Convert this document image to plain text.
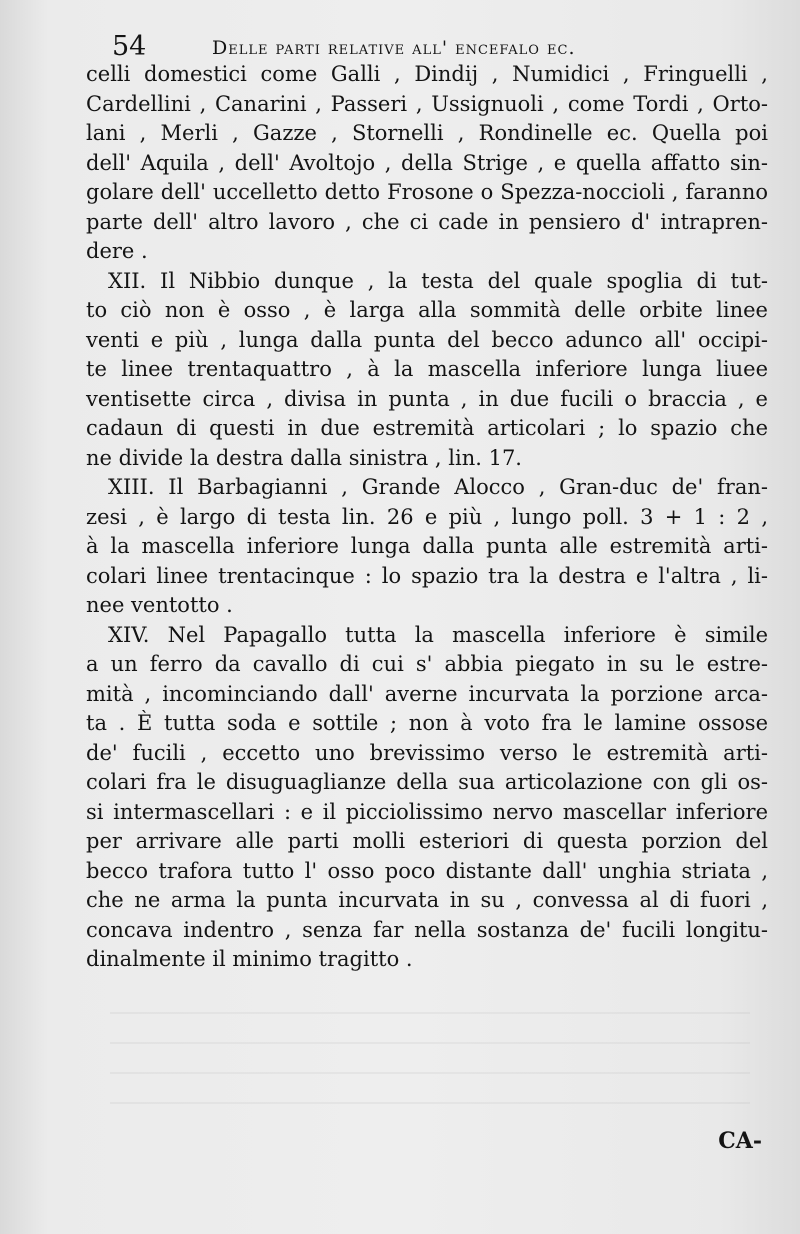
54	Delle parti relative all' encefalo ec.
celli domestici come Galli , Dindij , Numidici , Fringuelli ,
Cardellini , Canarini , Passeri , Ussignuoli , come Tordi , Orto-
lani , Merli , Gazze , Stornelli , Rondinelle ec. Quella poi
dell' Aquila , dell' Avoltojo , della Strige , e quella affatto sin-
golare dell' uccelletto detto Frosone o Spezza-noccioli , faranno
parte dell' altro lavoro , che ci cade in pensiero d' intrapren-
dere .
XII. Il Nibbio dunque , la testa del quale spoglia di tut-
to ciò non è osso , è larga alla sommità delle orbite linee
venti e più , lunga dalla punta del becco adunco all' occipi-
te linee trentaquattro , à la mascella inferiore lunga liuee
ventisette circa , divisa in punta , in due fucili o braccia , e
cadaun di questi in due estremità articolari ; lo spazio che
ne divide la destra dalla sinistra , lin. 17.
XIII. Il Barbagianni , Grande Alocco , Gran-duc de' fran-
zesi , è largo di testa lin. 26 e più , lungo poll. 3 + 1 : 2 ,
à la mascella inferiore lunga dalla punta alle estremità arti-
colari linee trentacinque : lo spazio tra la destra e l'altra , li-
nee ventotto .
XIV. Nel Papagallo tutta la mascella inferiore è simile
a un ferro da cavallo di cui s' abbia piegato in su le estre-
mità , incominciando dall' averne incurvata la porzione arca-
ta . È tutta soda e sottile ; non à voto fra le lamine ossose
de' fucili , eccetto uno brevissimo verso le estremità arti-
colari fra le disuguaglianze della sua articolazione con gli os-
si intermascellari : e il picciolissimo nervo mascellar inferiore
per arrivare alle parti molli esteriori di questa porzion del
becco trafora tutto l' osso poco distante dall' unghia striata ,
che ne arma la punta incurvata in su , convessa al di fuori ,
concava indentro , senza far nella sostanza de' fucili longitu-
dinalmente il minimo tragitto .
CA-
